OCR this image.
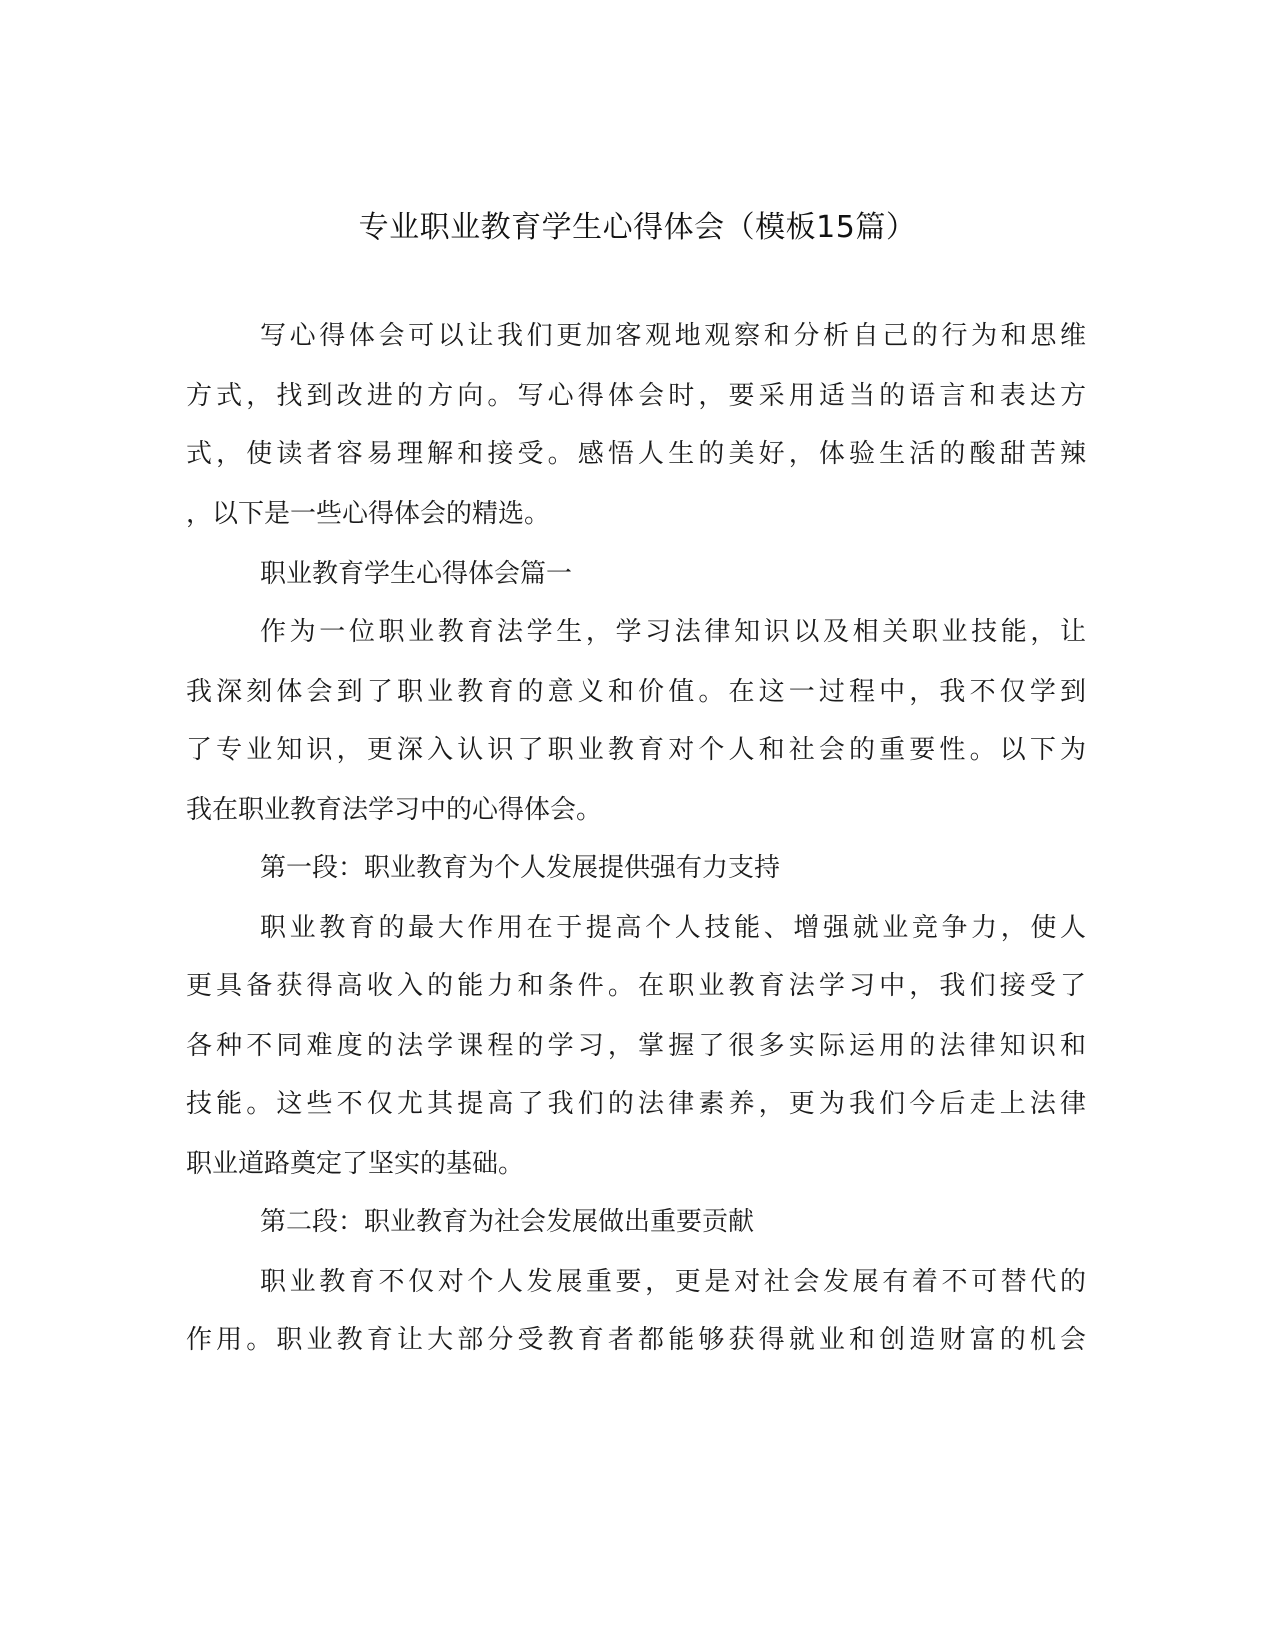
专业职业教育学生心得体会（模板15篇）
写心得体会可以让我们更加客观地观察和分析自己的行为和思维
方式，找到改进的方向。写心得体会时，要采用适当的语言和表达方
式，使读者容易理解和接受。感悟人生的美好，体验生活的酸甜苦辣
，以下是一些心得体会的精选。
职业教育学生心得体会篇一
作为一位职业教育法学生，学习法律知识以及相关职业技能，让
我深刻体会到了职业教育的意义和价值。在这一过程中，我不仅学到
了专业知识，更深入认识了职业教育对个人和社会的重要性。以下为
我在职业教育法学习中的心得体会。
第一段：职业教育为个人发展提供强有力支持
职业教育的最大作用在于提高个人技能、增强就业竞争力，使人
更具备获得高收入的能力和条件。在职业教育法学习中，我们接受了
各种不同难度的法学课程的学习，掌握了很多实际运用的法律知识和
技能。这些不仅尤其提高了我们的法律素养，更为我们今后走上法律
职业道路奠定了坚实的基础。
第二段：职业教育为社会发展做出重要贡献
职业教育不仅对个人发展重要，更是对社会发展有着不可替代的
作用。职业教育让大部分受教育者都能够获得就业和创造财富的机会
